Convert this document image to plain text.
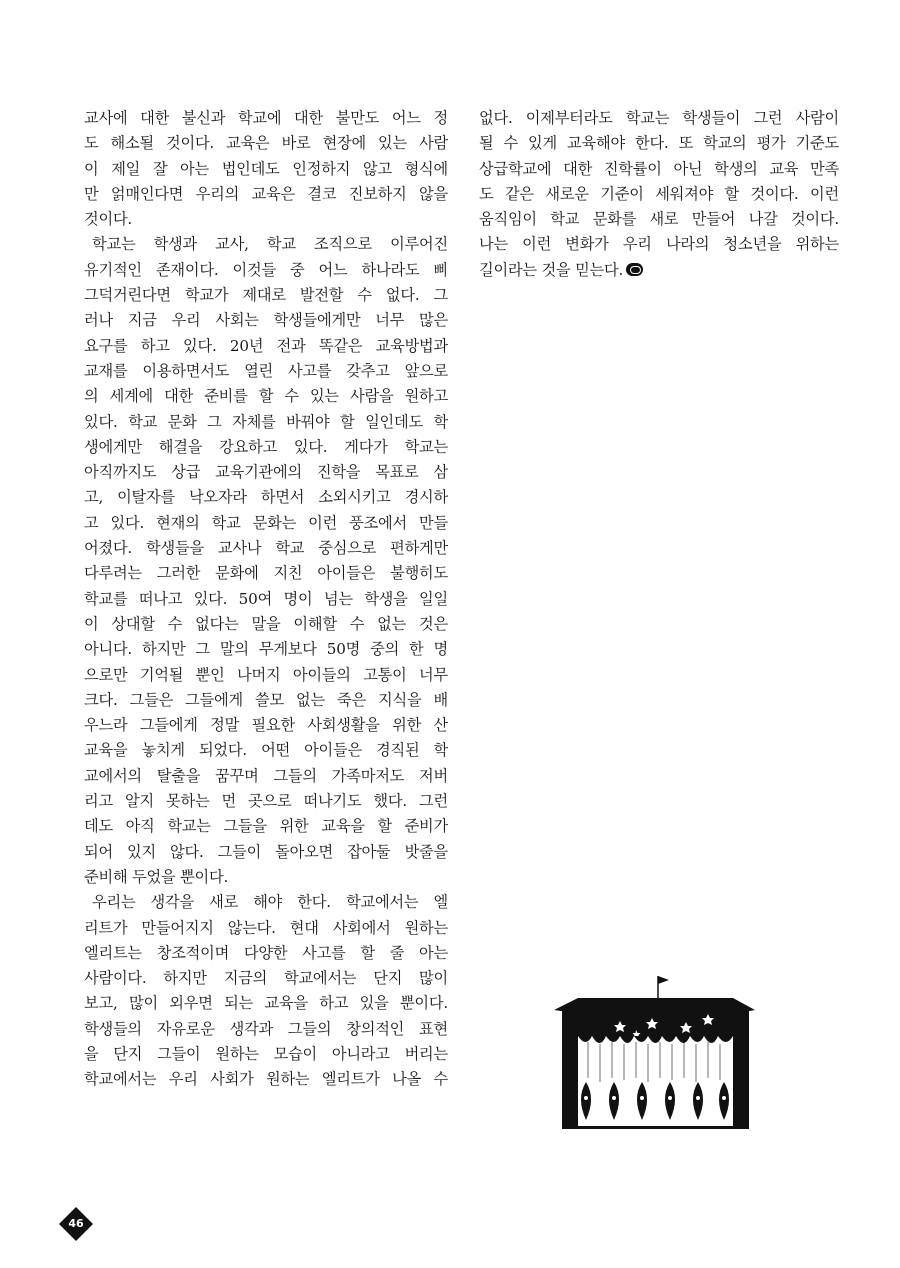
교사에 대한 불신과 학교에 대한 불만도 어느 정
도 해소될 것이다. 교육은 바로 현장에 있는 사람
이 제일 잘 아는 법인데도 인정하지 않고 형식에
만 얽매인다면 우리의 교육은 결코 진보하지 않을
것이다.
학교는 학생과 교사, 학교 조직으로 이루어진
유기적인 존재이다. 이것들 중 어느 하나라도 삐
그덕거린다면 학교가 제대로 발전할 수 없다. 그
러나 지금 우리 사회는 학생들에게만 너무 많은
요구를 하고 있다. 20년 전과 똑같은 교육방법과
교재를 이용하면서도 열린 사고를 갖추고 앞으로
의 세계에 대한 준비를 할 수 있는 사람을 원하고
있다. 학교 문화 그 자체를 바꿔야 할 일인데도 학
생에게만 해결을 강요하고 있다. 게다가 학교는
아직까지도 상급 교육기관에의 진학을 목표로 삼
고, 이탈자를 낙오자라 하면서 소외시키고 경시하
고 있다. 현재의 학교 문화는 이런 풍조에서 만들
어졌다. 학생들을 교사나 학교 중심으로 편하게만
다루려는 그러한 문화에 지친 아이들은 불행히도
학교를 떠나고 있다. 50여 명이 넘는 학생을 일일
이 상대할 수 없다는 말을 이해할 수 없는 것은
아니다. 하지만 그 말의 무게보다 50명 중의 한 명
으로만 기억될 뿐인 나머지 아이들의 고통이 너무
크다. 그들은 그들에게 쓸모 없는 죽은 지식을 배
우느라 그들에게 정말 필요한 사회생활을 위한 산
교육을 놓치게 되었다. 어떤 아이들은 경직된 학
교에서의 탈출을 꿈꾸며 그들의 가족마저도 저버
리고 알지 못하는 먼 곳으로 떠나기도 했다. 그런
데도 아직 학교는 그들을 위한 교육을 할 준비가
되어 있지 않다. 그들이 돌아오면 잡아둘 밧줄을
준비해 두었을 뿐이다.
우리는 생각을 새로 해야 한다. 학교에서는 엘
리트가 만들어지지 않는다. 현대 사회에서 원하는
엘리트는 창조적이며 다양한 사고를 할 줄 아는
사람이다. 하지만 지금의 학교에서는 단지 많이
보고, 많이 외우면 되는 교육을 하고 있을 뿐이다.
학생들의 자유로운 생각과 그들의 창의적인 표현
을 단지 그들이 원하는 모습이 아니라고 버리는
학교에서는 우리 사회가 원하는 엘리트가 나올 수
없다. 이제부터라도 학교는 학생들이 그런 사람이
될 수 있게 교육해야 한다. 또 학교의 평가 기준도
상급학교에 대한 진학률이 아닌 학생의 교육 만족
도 같은 새로운 기준이 세워져야 할 것이다. 이런
움직임이 학교 문화를 새로 만들어 나갈 것이다.
나는 이런 변화가 우리 나라의 청소년을 위하는
길이라는 것을 믿는다.
46
